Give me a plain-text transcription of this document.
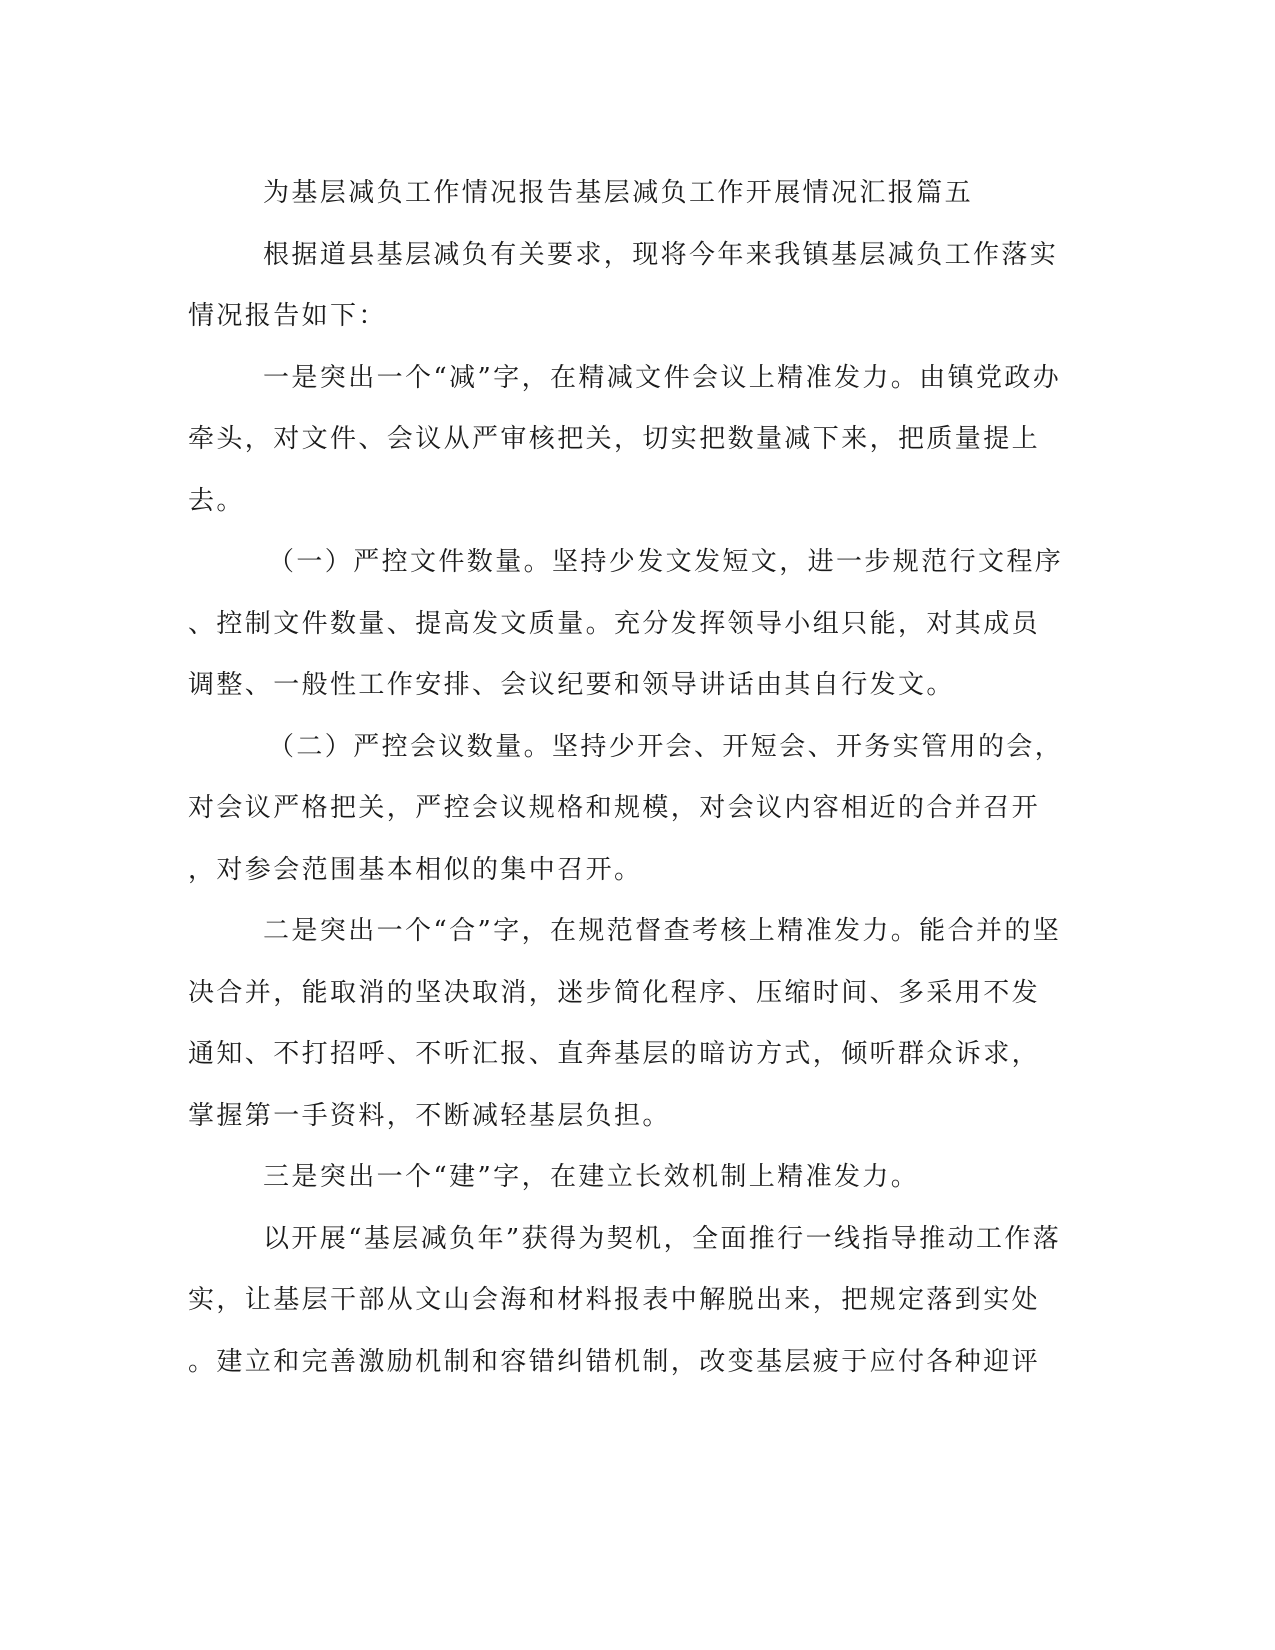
为基层减负工作情况报告基层减负工作开展情况汇报篇五
根据道县基层减负有关要求，现将今年来我镇基层减负工作落实
情况报告如下：
一是突出一个“减”字，在精减文件会议上精准发力。由镇党政办
牵头，对文件、会议从严审核把关，切实把数量减下来，把质量提上
去。
（一）严控文件数量。坚持少发文发短文，进一步规范行文程序
、控制文件数量、提高发文质量。充分发挥领导小组只能，对其成员
调整、一般性工作安排、会议纪要和领导讲话由其自行发文。
（二）严控会议数量。坚持少开会、开短会、开务实管用的会，
对会议严格把关，严控会议规格和规模，对会议内容相近的合并召开
，对参会范围基本相似的集中召开。
二是突出一个“合”字，在规范督查考核上精准发力。能合并的坚
决合并，能取消的坚决取消，迷步简化程序、压缩时间、多采用不发
通知、不打招呼、不听汇报、直奔基层的暗访方式，倾听群众诉求，
掌握第一手资料，不断减轻基层负担。
三是突出一个“建”字，在建立长效机制上精准发力。
以开展“基层减负年”获得为契机，全面推行一线指导推动工作落
实，让基层干部从文山会海和材料报表中解脱出来，把规定落到实处
。建立和完善激励机制和容错纠错机制，改变基层疲于应付各种迎评
